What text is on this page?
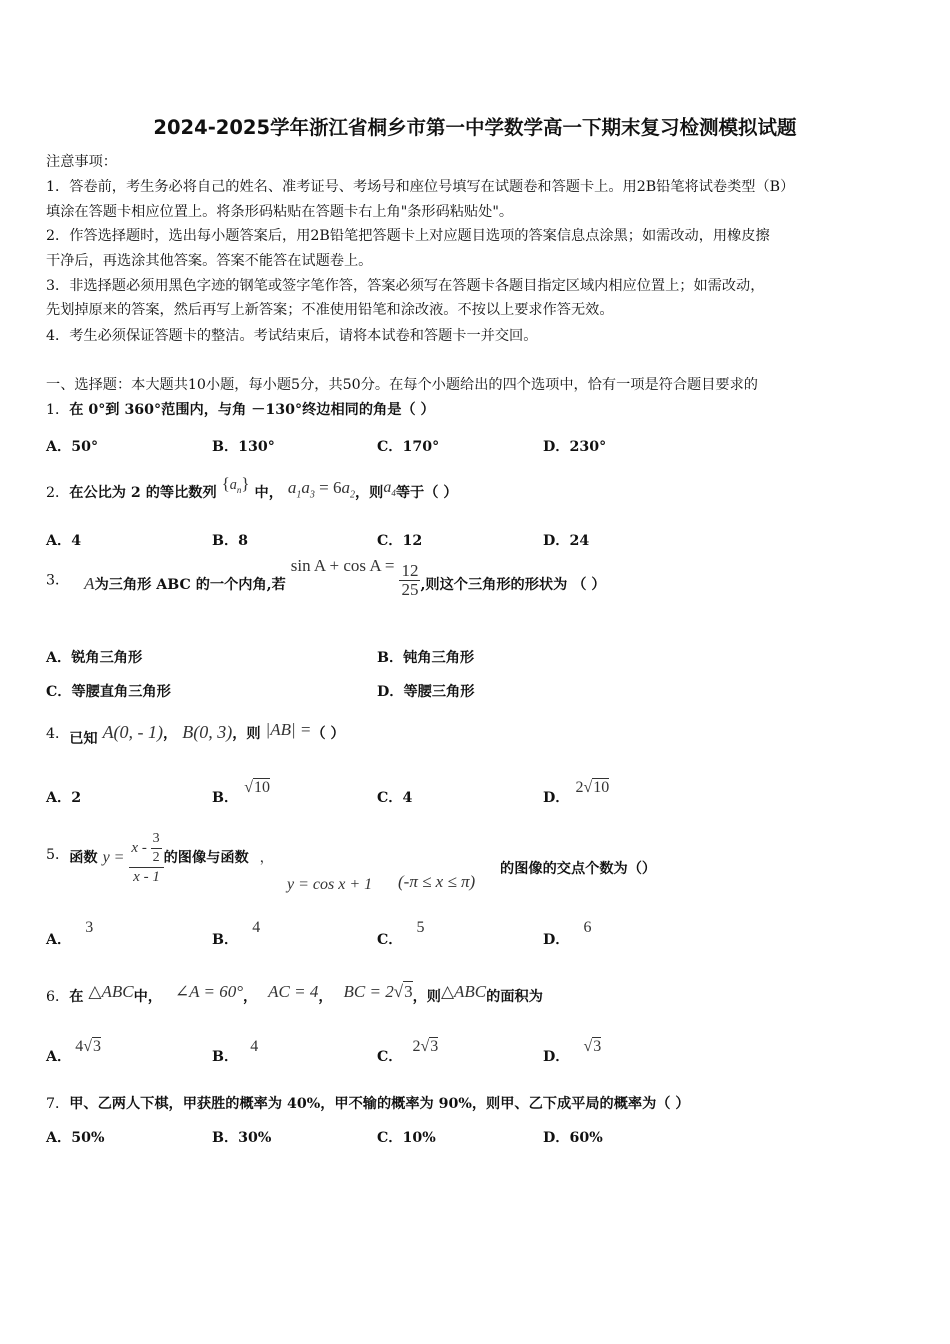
2024-2025学年浙江省桐乡市第一中学数学高一下期末复习检测模拟试题
注意事项：
1．答卷前，考生务必将自己的姓名、准考证号、考场号和座位号填写在试题卷和答题卡上。用2B铅笔将试卷类型（B）
填涂在答题卡相应位置上。将条形码粘贴在答题卡右上角"条形码粘贴处"。
2．作答选择题时，选出每小题答案后，用2B铅笔把答题卡上对应题目选项的答案信息点涂黑；如需改动，用橡皮擦
干净后，再选涂其他答案。答案不能答在试题卷上。
3．非选择题必须用黑色字迹的钢笔或签字笔作答，答案必须写在答题卡各题目指定区域内相应位置上；如需改动，
先划掉原来的答案，然后再写上新答案；不准使用铅笔和涂改液。不按以上要求作答无效。
4．考生必须保证答题卡的整洁。考试结束后，请将本试卷和答题卡一并交回。
一、选择题：本大题共10小题，每小题5分，共50分。在每个小题给出的四个选项中，恰有一项是符合题目要求的
1．在 0°到 360°范围内，与角 －130°终边相同的角是（ ）
A．50°	B．130°	C．170°	D．230°
2．在公比为 2 的等比数列 $\{a_n\}$ 中， $a_1a_3 = 6a_2$，则$a_4$等于（ ）
A．4	B．8	C．12	D．24
3． A为三角形 ABC 的一个内角,若 $\sin A + \cos A = \frac{12}{25}$ ,则这个三角形的形状为 （ ）
A．锐角三角形	B．钝角三角形
C．等腰直角三角形	D．等腰三角形
4．已知 A(0, - 1)， B(0, 3)，则 |AB| =（ ）
A．2	B．√10
C．4	D．2√10
5．函数 $y = \frac{x - \frac{3}{2}}{x - 1}$ 的图像与函数 ，
y = cos x + 1 (-π ≤ x ≤ π)
的图像的交点个数为（）
A．3
B．4
C．5
D．6
6．在 △ABC中， ∠A = 60°， AC = 4， BC = 2√3，则△ABC的面积为
A．4√3
B．4
C．2√3
D．√3
7．甲、乙两人下棋，甲获胜的概率为 40%，甲不输的概率为 90%，则甲、乙下成平局的概率为（ ）
A．50%	B．30%	C．10%	D．60%
